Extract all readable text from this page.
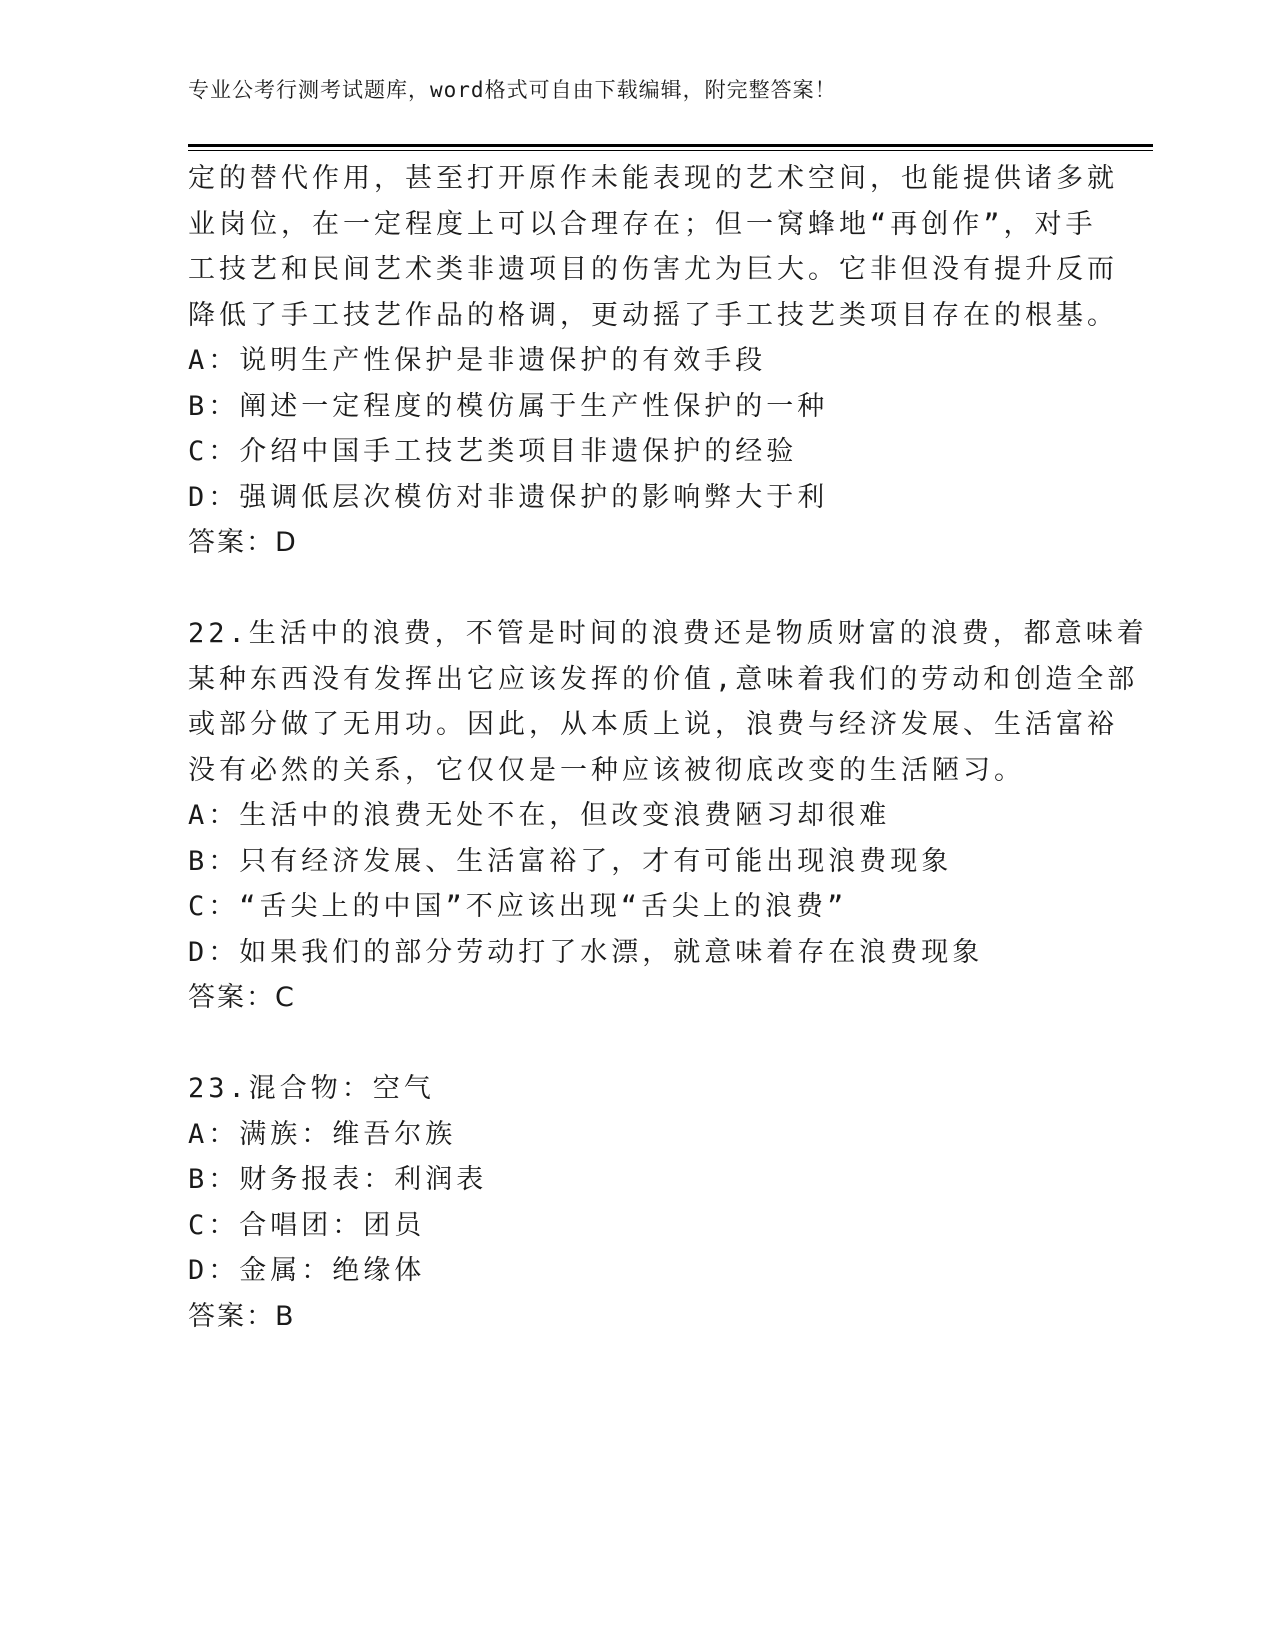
专业公考行测考试题库，word格式可自由下载编辑，附完整答案！
定的替代作用，甚至打开原作未能表现的艺术空间，也能提供诸多就
业岗位，在一定程度上可以合理存在；但一窝蜂地“再创作”，对手
工技艺和民间艺术类非遗项目的伤害尤为巨大。它非但没有提升反而
降低了手工技艺作品的格调，更动摇了手工技艺类项目存在的根基。
A：说明生产性保护是非遗保护的有效手段
B：阐述一定程度的模仿属于生产性保护的一种
C：介绍中国手工技艺类项目非遗保护的经验
D：强调低层次模仿对非遗保护的影响弊大于利
答案：D
22.生活中的浪费，不管是时间的浪费还是物质财富的浪费，都意味着
某种东西没有发挥出它应该发挥的价值,意味着我们的劳动和创造全部
或部分做了无用功。因此，从本质上说，浪费与经济发展、生活富裕
没有必然的关系，它仅仅是一种应该被彻底改变的生活陋习。
A：生活中的浪费无处不在，但改变浪费陋习却很难
B：只有经济发展、生活富裕了，才有可能出现浪费现象
C：“舌尖上的中国”不应该出现“舌尖上的浪费”
D：如果我们的部分劳动打了水漂，就意味着存在浪费现象
答案：C
23.混合物：空气
A：满族：维吾尔族
B：财务报表：利润表
C：合唱团：团员
D：金属：绝缘体
答案：B
